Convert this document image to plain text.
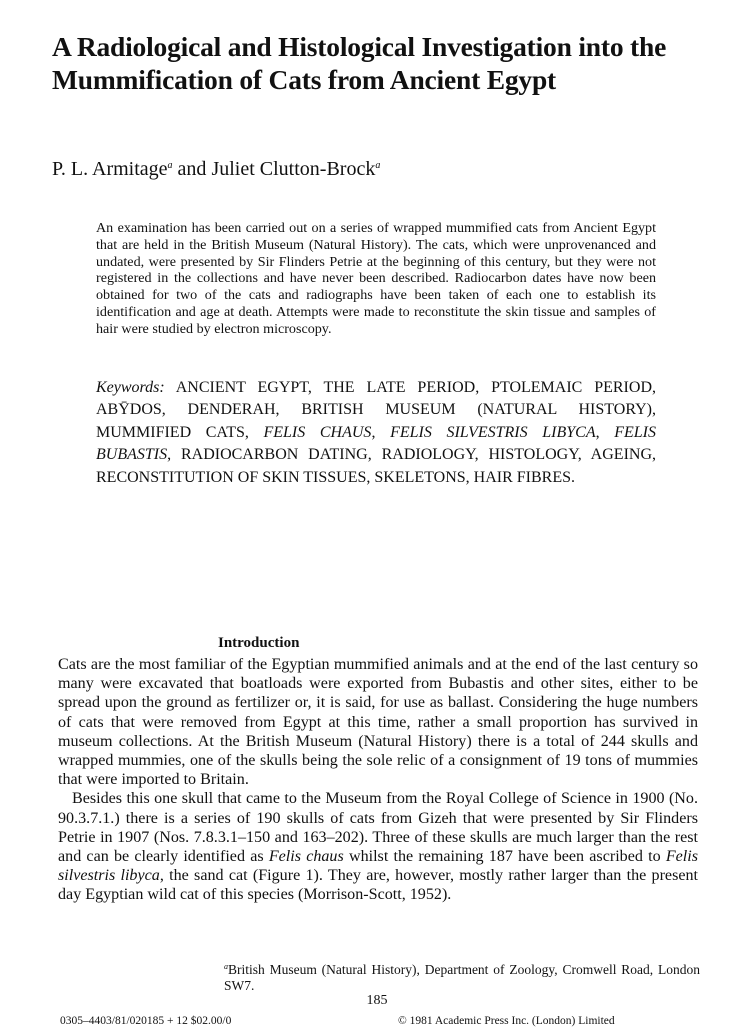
A Radiological and Histological Investigation into the Mummification of Cats from Ancient Egypt

P. L. Armitage$^a$ and Juliet Clutton-Brock$^a$

An examination has been carried out on a series of wrapped mummified cats from Ancient Egypt that are held in the British Museum (Natural History). The cats, which were unprovenanced and undated, were presented by Sir Flinders Petrie at the beginning of this century, but they were not registered in the collections and have never been described. Radiocarbon dates have now been obtained for two of the cats and radiographs have been taken of each one to establish its identification and age at death. Attempts were made to reconstitute the skin tissue and samples of hair were studied by electron microscopy.

Keywords: ANCIENT EGYPT, THE LATE PERIOD, PTOLEMAIC PERIOD, ABȲDOS, DENDERAH, BRITISH MUSEUM (NATURAL HISTORY), MUMMIFIED CATS, FELIS CHAUS, FELIS SILVESTRIS LIBYCA, FELIS BUBASTIS, RADIOCARBON DATING, RADIOLOGY, HISTOLOGY, AGEING, RECONSTITUTION OF SKIN TISSUES, SKELETONS, HAIR FIBRES.

Introduction

Cats are the most familiar of the Egyptian mummified animals and at the end of the last century so many were excavated that boatloads were exported from Bubastis and other sites, either to be spread upon the ground as fertilizer or, it is said, for use as ballast. Considering the huge numbers of cats that were removed from Egypt at this time, rather a small proportion has survived in museum collections. At the British Museum (Natural History) there is a total of 244 skulls and wrapped mummies, one of the skulls being the sole relic of a consignment of 19 tons of mummies that were imported to Britain.

Besides this one skull that came to the Museum from the Royal College of Science in 1900 (No. 90.3.7.1.) there is a series of 190 skulls of cats from Gizeh that were presented by Sir Flinders Petrie in 1907 (Nos. 7.8.3.1–150 and 163–202). Three of these skulls are much larger than the rest and can be clearly identified as Felis chaus whilst the remaining 187 have been ascribed to Felis silvestris libyca, the sand cat (Figure 1). They are, however, mostly rather larger than the present day Egyptian wild cat of this species (Morrison-Scott, 1952).

$^a$British Museum (Natural History), Department of Zoology, Cromwell Road, London SW7.

185

0305–4403/81/020185 + 12 $02.00/0	© 1981 Academic Press Inc. (London) Limited
